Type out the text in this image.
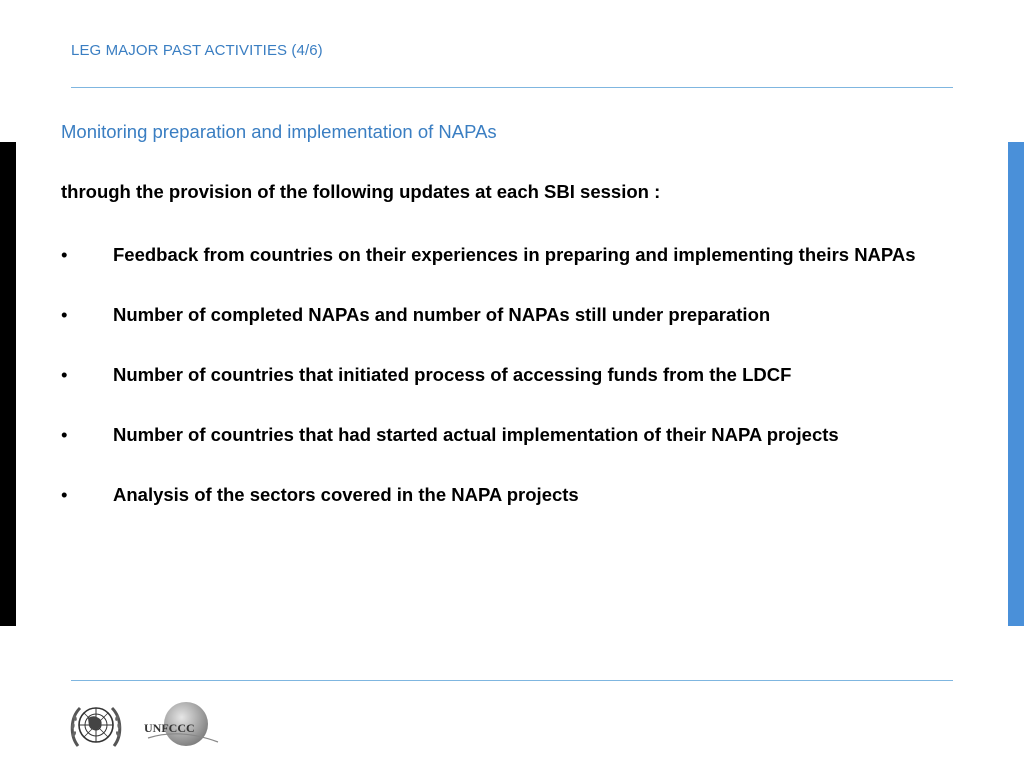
LEG MAJOR PAST ACTIVITIES (4/6)
Monitoring preparation and implementation of NAPAs
through the provision of the following updates at each SBI session :
• Feedback from countries on their experiences in preparing and implementing theirs NAPAs
• Number of completed NAPAs and number of NAPAs still under preparation
• Number of countries that initiated process of accessing funds from the LDCF
• Number of countries that had started actual implementation of their NAPA projects
• Analysis of the sectors covered in the NAPA projects
UNFCCC
